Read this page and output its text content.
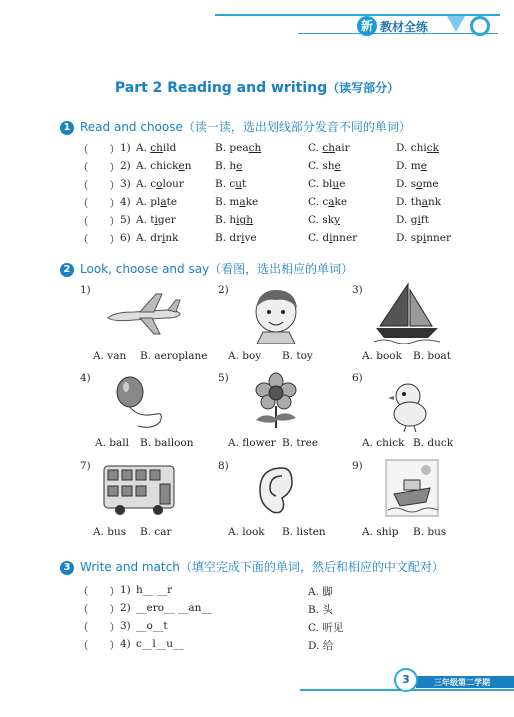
新 教材全练
Part 2 Reading and writing（读写部分）
1 Read and choose（读一读，选出划线部分发音不同的单词）
（　　） 1) A. child	B. peach	C. chair	D. chick
（　　） 2) A. chicken B. he	C. she	D. me
（　　） 3) A. colour	B. cut	C. blue	D. some
（　　） 4) A. plate	B. make	C. cake	D. thank
（　　） 5) A. tiger	B. high	C. sky	D. gift
（　　） 6) A. drink	B. drive	C. dinner	D. spinner
2 Look, choose and say（看图，选出相应的单词）
1)
A. van B. aeroplane
2)
A. boy B. toy
3)
A. book B. boat
4)
A. ball B. balloon
5)
A. flower B. tree
6)
A. chick B. duck
7)
A. bus B. car
8)
A. look B. listen
9)
A. ship B. bus
3 Write and match（填空完成下面的单词，然后和相应的中文配对）
（　　） 1) h__ __r	A. 脚
（　　） 2) __ero__ __an__	B. 头
（　　） 3) __o__t	C. 听见
（　　） 4) c__l__u__	D. 给
3	三年级第二学期
